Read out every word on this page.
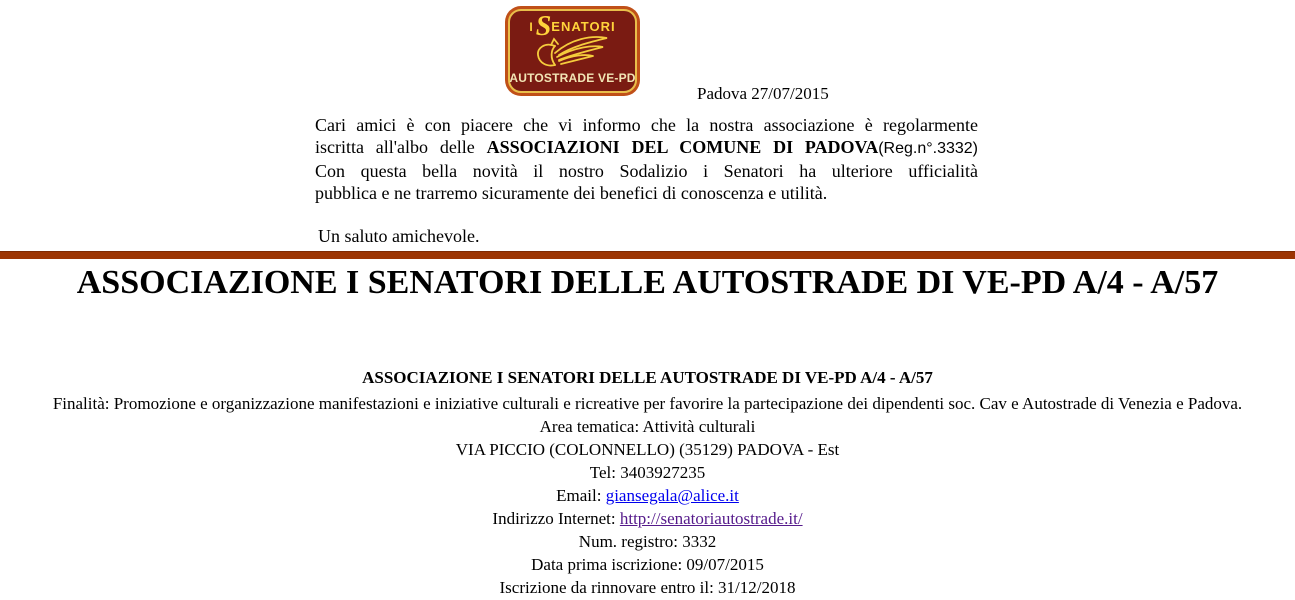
I S ENATORI
AUTOSTRADE VE-PD
Padova 27/07/2015
Cari amici è con piacere che vi informo che la nostra associazione è regolarmente
iscritta all'albo delle ASSOCIAZIONI DEL COMUNE DI PADOVA(Reg.n°.3332)
Con questa bella novità il nostro Sodalizio i Senatori ha ulteriore ufficialità
pubblica e ne trarremo sicuramente dei benefici di conoscenza e utilità.
Un saluto amichevole.
ASSOCIAZIONE I SENATORI DELLE AUTOSTRADE DI VE-PD A/4 - A/57
ASSOCIAZIONE I SENATORI DELLE AUTOSTRADE DI VE-PD A/4 - A/57
Finalità: Promozione e organizzazione manifestazioni e iniziative culturali e ricreative per favorire la partecipazione dei dipendenti soc. Cav e Autostrade di Venezia e Padova.
Area tematica: Attività culturali
VIA PICCIO (COLONNELLO) (35129) PADOVA - Est
Tel: 3403927235
Email: giansegala@alice.it
Indirizzo Internet: http://senatoriautostrade.it/
Num. registro: 3332
Data prima iscrizione: 09/07/2015
Iscrizione da rinnovare entro il: 31/12/2018
